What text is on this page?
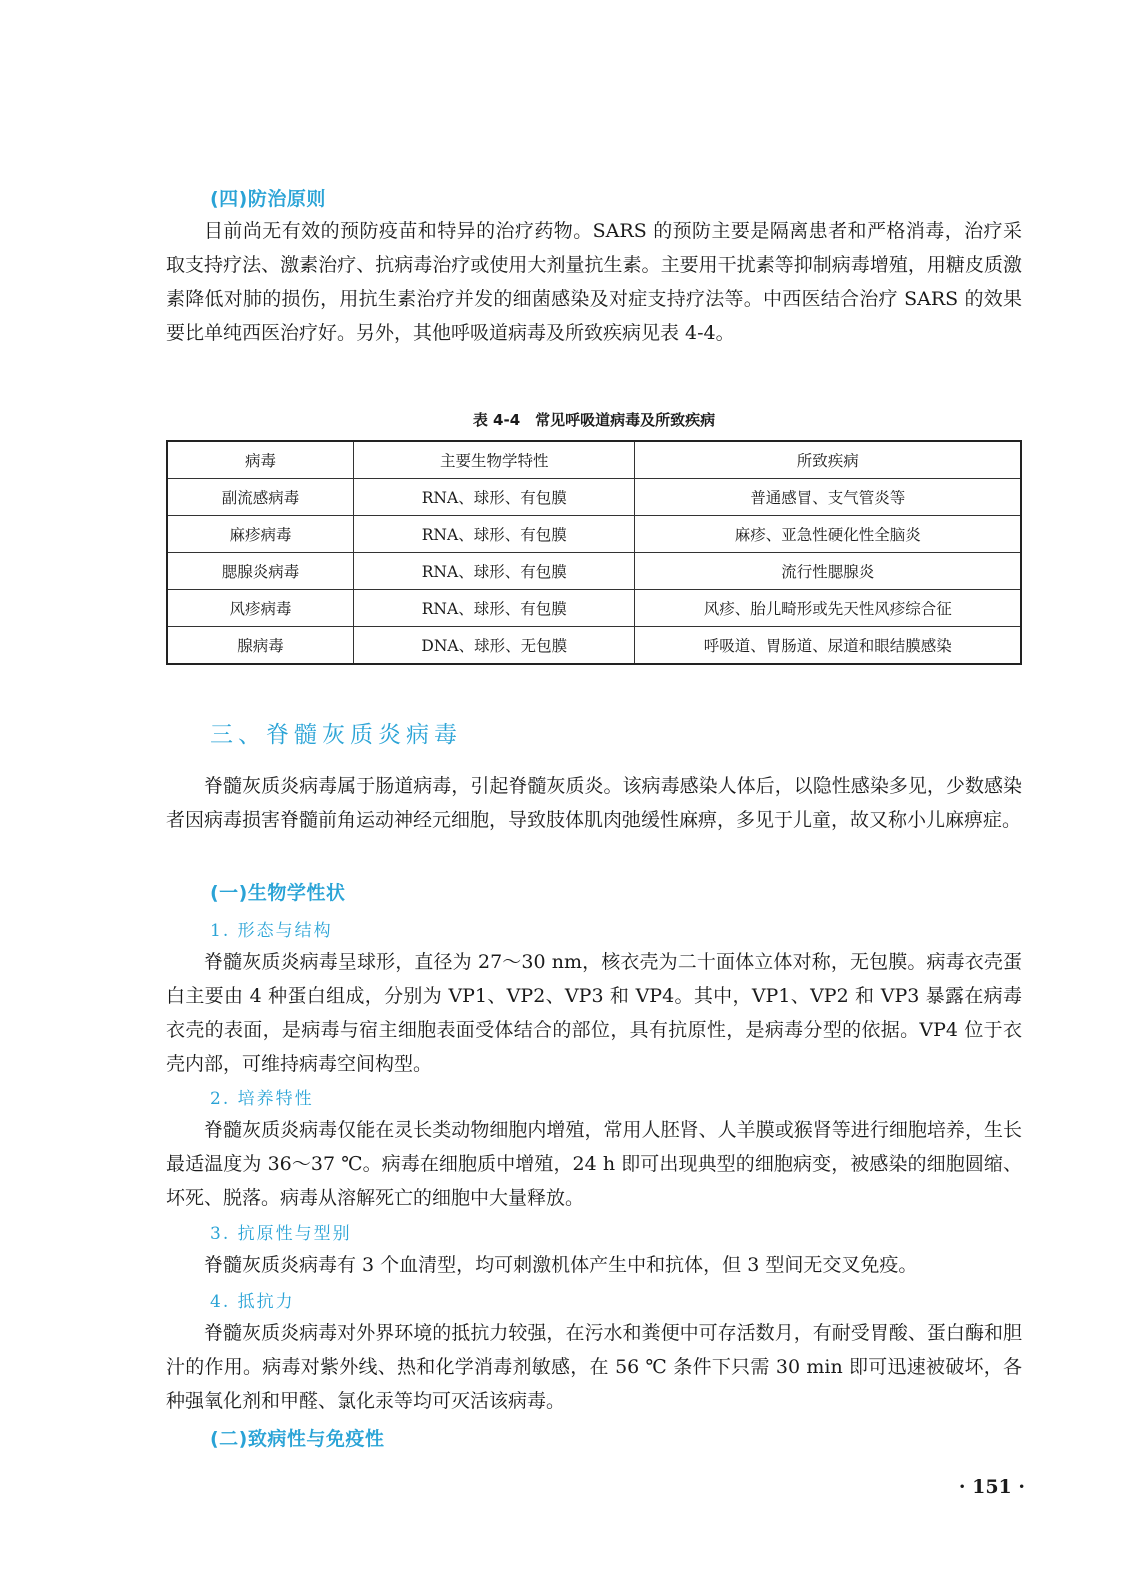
(四)防治原则

目前尚无有效的预防疫苗和特异的治疗药物。SARS 的预防主要是隔离患者和严格消毒，治疗采取支持疗法、激素治疗、抗病毒治疗或使用大剂量抗生素。主要用干扰素等抑制病毒增殖，用糖皮质激素降低对肺的损伤，用抗生素治疗并发的细菌感染及对症支持疗法等。中西医结合治疗 SARS 的效果要比单纯西医治疗好。另外，其他呼吸道病毒及所致疾病见表 4-4。

表 4-4　常见呼吸道病毒及所致疾病
病毒	主要生物学特性	所致疾病
副流感病毒	RNA、球形、有包膜	普通感冒、支气管炎等
麻疹病毒	RNA、球形、有包膜	麻疹、亚急性硬化性全脑炎
腮腺炎病毒	RNA、球形、有包膜	流行性腮腺炎
风疹病毒	RNA、球形、有包膜	风疹、胎儿畸形或先天性风疹综合征
腺病毒	DNA、球形、无包膜	呼吸道、胃肠道、尿道和眼结膜感染
三、脊髓灰质炎病毒

脊髓灰质炎病毒属于肠道病毒，引起脊髓灰质炎。该病毒感染人体后，以隐性感染多见，少数感染者因病毒损害脊髓前角运动神经元细胞，导致肢体肌肉弛缓性麻痹，多见于儿童，故又称小儿麻痹症。

(一)生物学性状
1. 形态与结构

脊髓灰质炎病毒呈球形，直径为 27～30 nm，核衣壳为二十面体立体对称，无包膜。病毒衣壳蛋白主要由 4 种蛋白组成，分别为 VP1、VP2、VP3 和 VP4。其中，VP1、VP2 和 VP3 暴露在病毒衣壳的表面，是病毒与宿主细胞表面受体结合的部位，具有抗原性，是病毒分型的依据。VP4 位于衣壳内部，可维持病毒空间构型。

2. 培养特性

脊髓灰质炎病毒仅能在灵长类动物细胞内增殖，常用人胚肾、人羊膜或猴肾等进行细胞培养，生长最适温度为 36～37 ℃。病毒在细胞质中增殖，24 h 即可出现典型的细胞病变，被感染的细胞圆缩、坏死、脱落。病毒从溶解死亡的细胞中大量释放。

3. 抗原性与型别

脊髓灰质炎病毒有 3 个血清型，均可刺激机体产生中和抗体，但 3 型间无交叉免疫。

4. 抵抗力

脊髓灰质炎病毒对外界环境的抵抗力较强，在污水和粪便中可存活数月，有耐受胃酸、蛋白酶和胆汁的作用。病毒对紫外线、热和化学消毒剂敏感，在 56 ℃ 条件下只需 30 min 即可迅速被破坏，各种强氧化剂和甲醛、氯化汞等均可灭活该病毒。

(二)致病性与免疫性
· 151 ·
